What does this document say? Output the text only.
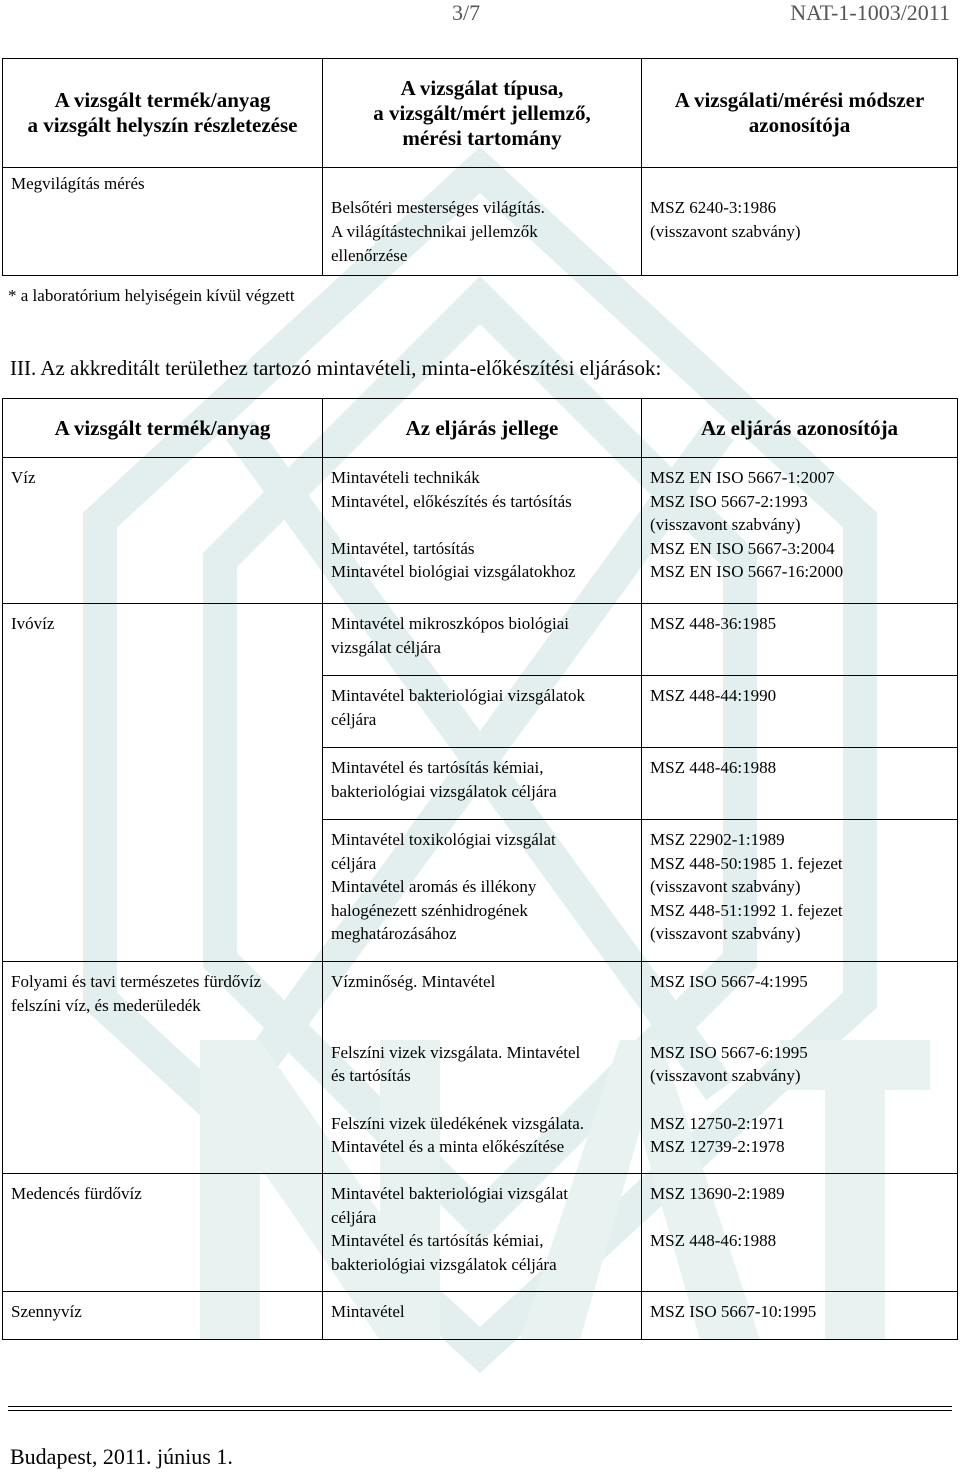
3/7	NAT-1-1003/2011
A vizsgált termék/anyag
a vizsgált helyszín részletezése	A vizsgálat típusa,
a vizsgált/mért jellemző,
mérési tartomány	A vizsgálati/mérési módszer
azonosítója

Megvilágítás mérés	Belsőtéri mesterséges világítás.
A világítástechnikai jellemzők
ellenőrzése	MSZ 6240-3:1986
(visszavont szabvány)
* a laboratórium helyiségein kívül végzett
III. Az akkreditált területhez tartozó mintavételi, minta-előkészítési eljárások:
A vizsgált termék/anyag	Az eljárás jellege	Az eljárás azonosítója

Víz	Mintavételi technikák
Mintavétel, előkészítés és tartósítás
Mintavétel, tartósítás
Mintavétel biológiai vizsgálatokhoz	MSZ EN ISO 5667-1:2007
MSZ ISO 5667-2:1993
(visszavont szabvány)
MSZ EN ISO 5667-3:2004
MSZ EN ISO 5667-16:2000

Ivóvíz	Mintavétel mikroszkópos biológiai
vizsgálat céljára	MSZ 448-36:1985

	Mintavétel bakteriológiai vizsgálatok
céljára	MSZ 448-44:1990

	Mintavétel és tartósítás kémiai,
bakteriológiai vizsgálatok céljára	MSZ 448-46:1988

	Mintavétel toxikológiai vizsgálat
céljára
Mintavétel aromás és illékony
halogénezett szénhidrogének
meghatározásához	MSZ 22902-1:1989
MSZ 448-50:1985 1. fejezet
(visszavont szabvány)
MSZ 448-51:1992 1. fejezet
(visszavont szabvány)

Folyami és tavi természetes fürdővíz
felszíni víz, és mederüledék	Vízminőség. Mintavétel	MSZ ISO 5667-4:1995

	Felszíni vizek vizsgálata. Mintavétel
és tartósítás	MSZ ISO 5667-6:1995
(visszavont szabvány)

	Felszíni vizek üledékének vizsgálata.
Mintavétel és a minta előkészítése	MSZ 12750-2:1971
MSZ 12739-2:1978

Medencés fürdővíz	Mintavétel bakteriológiai vizsgálat
céljára
Mintavétel és tartósítás kémiai,
bakteriológiai vizsgálatok céljára	MSZ 13690-2:1989
MSZ 448-46:1988

Szennyvíz	Mintavétel	MSZ ISO 5667-10:1995
Budapest, 2011. június 1.
